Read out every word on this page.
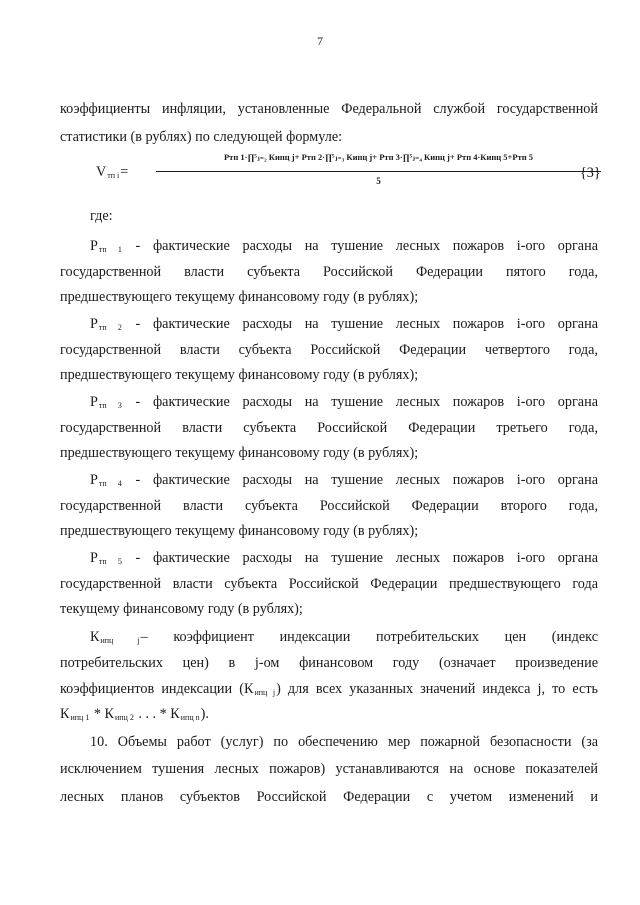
7
коэффициенты инфляции, установленные Федеральной службой государственной
статистики (в рублях) по следующей формуле:
$V_{тп i}=$
Ртп 1·∏⁵ⱼ₌₂ Кипц j+ Ртп 2·∏⁵ⱼ₌₃ Кипц j+ Ртп 3·∏⁵ⱼ₌₄ Кипц j+ Ртп 4·Кипц 5+Ртп 5
5	{3}
где:
$Р_{тп 1}$ - фактические расходы на тушение лесных пожаров i-ого органа
государственной власти субъекта Российской Федерации пятого года,
предшествующего текущему финансовому году (в рублях);
$Р_{тп 2}$ - фактические расходы на тушение лесных пожаров i-ого органа
государственной власти субъекта Российской Федерации четвертого года,
предшествующего текущему финансовому году (в рублях);
$Р_{тп 3}$ - фактические расходы на тушение лесных пожаров i-ого органа
государственной власти субъекта Российской Федерации третьего года,
предшествующего текущему финансовому году (в рублях);
$Р_{тп 4}$ - фактические расходы на тушение лесных пожаров i-ого органа
государственной власти субъекта Российской Федерации второго года,
предшествующего текущему финансовому году (в рублях);
$Р_{тп 5}$ - фактические расходы на тушение лесных пожаров i-ого органа
государственной власти субъекта Российской Федерации предшествующего года
текущему финансовому году (в рублях);
$К_{ипц j}-$ коэффициент индексации потребительских цен (индекс
потребительских цен) в j-ом финансовом году (означает произведение
коэффициентов индексации $(К_{ипц j})$ для всех указанных значений индекса j, то есть
$К_{ипц 1} * К_{ипц 2}$ . . . * $К_{ипц n}$).
10. Объемы работ (услуг) по обеспечению мер пожарной безопасности (за
исключением тушения лесных пожаров) устанавливаются на основе показателей
лесных планов субъектов Российской Федерации с учетом изменений и
